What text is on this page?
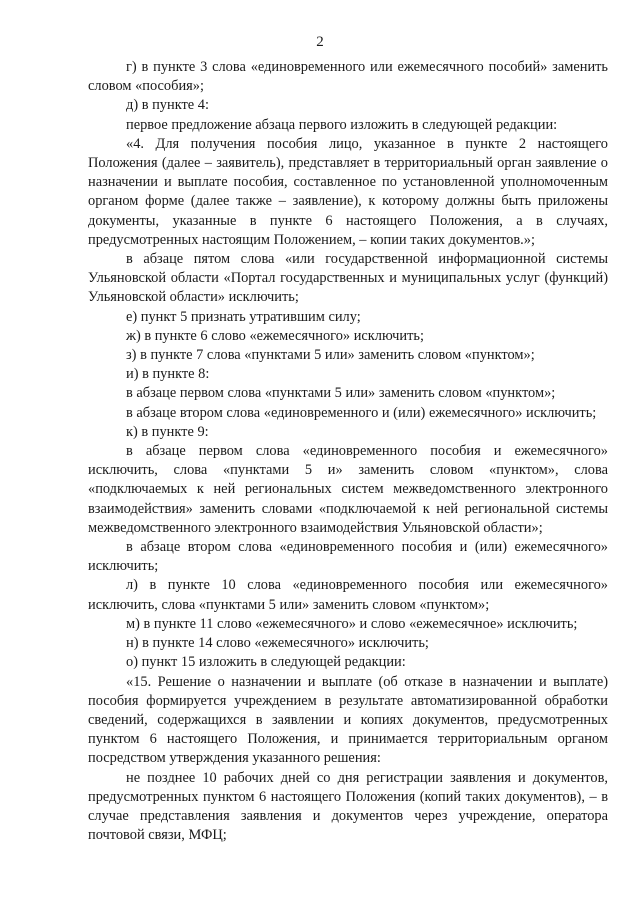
2

г) в пункте 3 слова «единовременного или ежемесячного пособий» заменить словом «пособия»;

д) в пункте 4:

первое предложение абзаца первого изложить в следующей редакции:

«4. Для получения пособия лицо, указанное в пункте 2 настоящего Положения (далее – заявитель), представляет в территориальный орган заявление о назначении и выплате пособия, составленное по установленной уполномоченным органом форме (далее также – заявление), к которому должны быть приложены документы, указанные в пункте 6 настоящего Положения, а в случаях, предусмотренных настоящим Положением, – копии таких документов.»;

в абзаце пятом слова «или государственной информационной системы Ульяновской области «Портал государственных и муниципальных услуг (функций) Ульяновской области» исключить;

е) пункт 5 признать утратившим силу;

ж) в пункте 6 слово «ежемесячного» исключить;

з) в пункте 7 слова «пунктами 5 или» заменить словом «пунктом»;

и) в пункте 8:

в абзаце первом слова «пунктами 5 или» заменить словом «пунктом»;

в абзаце втором слова «единовременного и (или) ежемесячного» исключить;

к) в пункте 9:

в абзаце первом слова «единовременного пособия и ежемесячного» исключить, слова «пунктами 5 и» заменить словом «пунктом», слова «подключаемых к ней региональных систем межведомственного электронного взаимодействия» заменить словами «подключаемой к ней региональной системы межведомственного электронного взаимодействия Ульяновской области»;

в абзаце втором слова «единовременного пособия и (или) ежемесячного» исключить;

л) в пункте 10 слова «единовременного пособия или ежемесячного» исключить, слова «пунктами 5 или» заменить словом «пунктом»;

м) в пункте 11 слово «ежемесячного» и слово «ежемесячное» исключить;

н) в пункте 14 слово «ежемесячного» исключить;

о) пункт 15 изложить в следующей редакции:

«15. Решение о назначении и выплате (об отказе в назначении и выплате) пособия формируется учреждением в результате автоматизированной обработки сведений, содержащихся в заявлении и копиях документов, предусмотренных пунктом 6 настоящего Положения, и принимается территориальным органом посредством утверждения указанного решения:

не позднее 10 рабочих дней со дня регистрации заявления и документов, предусмотренных пунктом 6 настоящего Положения (копий таких документов), – в случае представления заявления и документов через учреждение, оператора почтовой связи, МФЦ;
